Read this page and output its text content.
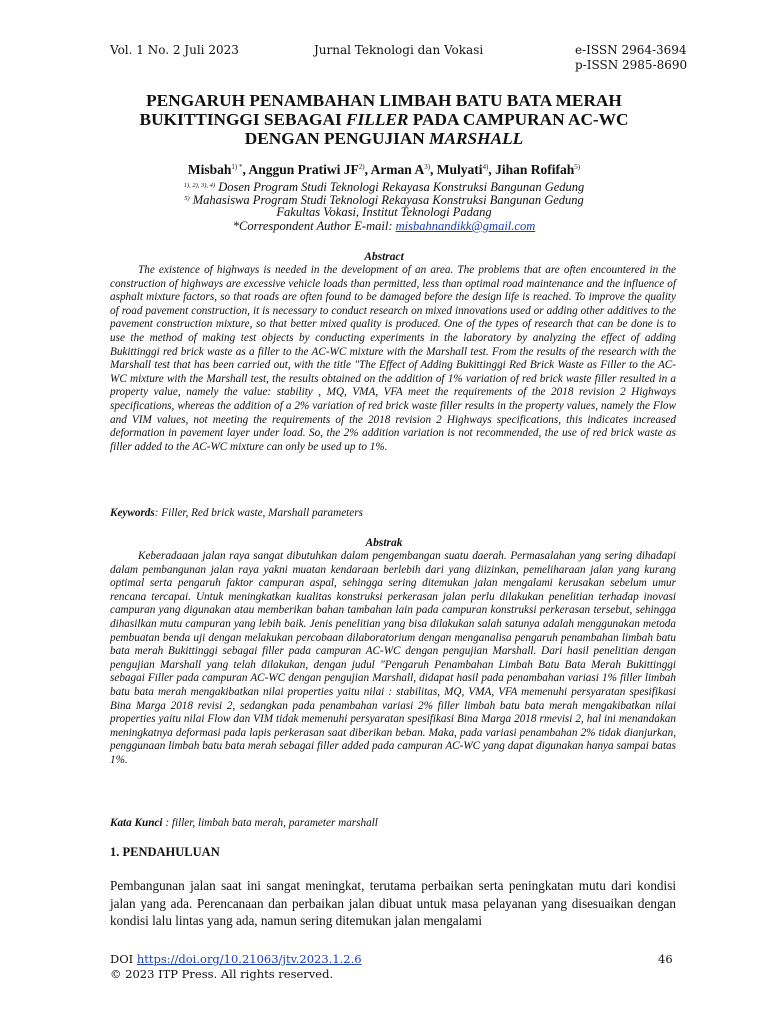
Vol. 1 No. 2 Juli 2023	Jurnal Teknologi dan Vokasi	e-ISSN 2964-3694
p-ISSN 2985-8690
PENGARUH PENAMBAHAN LIMBAH BATU BATA MERAH
BUKITTINGGI SEBAGAI FILLER PADA CAMPURAN AC-WC
DENGAN PENGUJIAN MARSHALL
Misbah$^{1) *}$, Anggun Pratiwi JF$^{2)}$, Arman $A^{3)}$, Mulyati$^{4)}$, Jihan Rofifah$^{5)}$
$^{1), 2), 3), 4)}$ Dosen Program Studi Teknologi Rekayasa Konstruksi Bangunan Gedung
$^{5)}$ Mahasiswa Program Studi Teknologi Rekayasa Konstruksi Bangunan Gedung
Fakultas Vokasi, Institut Teknologi Padang
*Correspondent Author E-mail: misbahnandikk@gmail.com
Abstract

The existence of highways is needed in the development of an area. The problems that are often encountered in the construction of highways are excessive vehicle loads than permitted, less than optimal road maintenance and the influence of asphalt mixture factors, so that roads are often found to be damaged before the design life is reached. To improve the quality of road pavement construction, it is necessary to conduct research on mixed innovations used or adding other additives to the pavement construction mixture, so that better mixed quality is produced. One of the types of research that can be done is to use the method of making test objects by conducting experiments in the laboratory by analyzing the effect of adding Bukittinggi red brick waste as a filler to the AC-WC mixture with the Marshall test. From the results of the research with the Marshall test that has been carried out, with the title "The Effect of Adding Bukittinggi Red Brick Waste as Filler to the AC-WC mixture with the Marshall test, the results obtained on the addition of 1% variation of red brick waste filler resulted in a property value, namely the value: stability , MQ, VMA, VFA meet the requirements of the 2018 revision 2 Highways specifications, whereas the addition of a 2% variation of red brick waste filler results in the property values, namely the Flow and VIM values, not meeting the requirements of the 2018 revision 2 Highways specifications, this indicates increased deformation in pavement layer under load. So, the 2% addition variation is not recommended, the use of red brick waste as filler added to the AC-WC mixture can only be used up to 1%.

Keywords: Filler, Red brick waste, Marshall parameters
Abstrak

Keberadaaan jalan raya sangat dibutuhkan dalam pengembangan suatu daerah. Permasalahan yang sering dihadapi dalam pembangunan jalan raya yakni muatan kendaraan berlebih dari yang diizinkan, pemeliharaan jalan yang kurang optimal serta pengaruh faktor campuran aspal, sehingga sering ditemukan jalan mengalami kerusakan sebelum umur rencana tercapai. Untuk meningkatkan kualitas konstruksi perkerasan jalan perlu dilakukan penelitian terhadap inovasi campuran yang digunakan atau memberikan bahan tambahan lain pada campuran konstruksi perkerasan tersebut, sehingga dihasilkan mutu campuran yang lebih baik. Jenis penelitian yang bisa dilakukan salah satunya adalah menggunakan metoda pembuatan benda uji dengan melakukan percobaan dilaboratorium dengan menganalisa pengaruh penambahan limbah batu bata merah Bukittinggi sebagai filler pada campuran AC-WC dengan pengujian Marshall. Dari hasil penelitian dengan pengujian Marshall yang telah dilakukan, dengan judul "Pengaruh Penambahan Limbah Batu Bata Merah Bukittinggi sebagai Filler pada campuran AC-WC dengan pengujian Marshall, didapat hasil pada penambahan variasi 1% filler limbah batu bata merah mengakibatkan nilai properties yaitu nilai : stabilitas, MQ, VMA, VFA memenuhi persyaratan spesifikasi Bina Marga 2018 revisi 2, sedangkan pada penambahan variasi 2% filler limbah batu bata merah mengakibatkan nilai properties yaitu nilai Flow dan VIM tidak memenuhi persyaratan spesifikasi Bina Marga 2018 rmevisi 2, hal ini menandakan meningkatnya deformasi pada lapis perkerasan saat diberikan beban. Maka, pada variasi penambahan 2% tidak dianjurkan, penggunaan limbah batu bata merah sebagai filler added pada campuran AC-WC yang dapat digunakan hanya sampai batas 1%.

Kata Kunci : filler, limbah bata merah, parameter marshall
1. PENDAHULUAN

Pembangunan jalan saat ini sangat meningkat, terutama perbaikan serta peningkatan mutu dari kondisi jalan yang ada. Perencanaan dan perbaikan jalan dibuat untuk masa pelayanan yang disesuaikan dengan kondisi lalu lintas yang ada, namun sering ditemukan jalan mengalami

DOI https://doi.org/10.21063/jtv.2023.1.2.6
© 2023 ITP Press. All rights reserved.
46
